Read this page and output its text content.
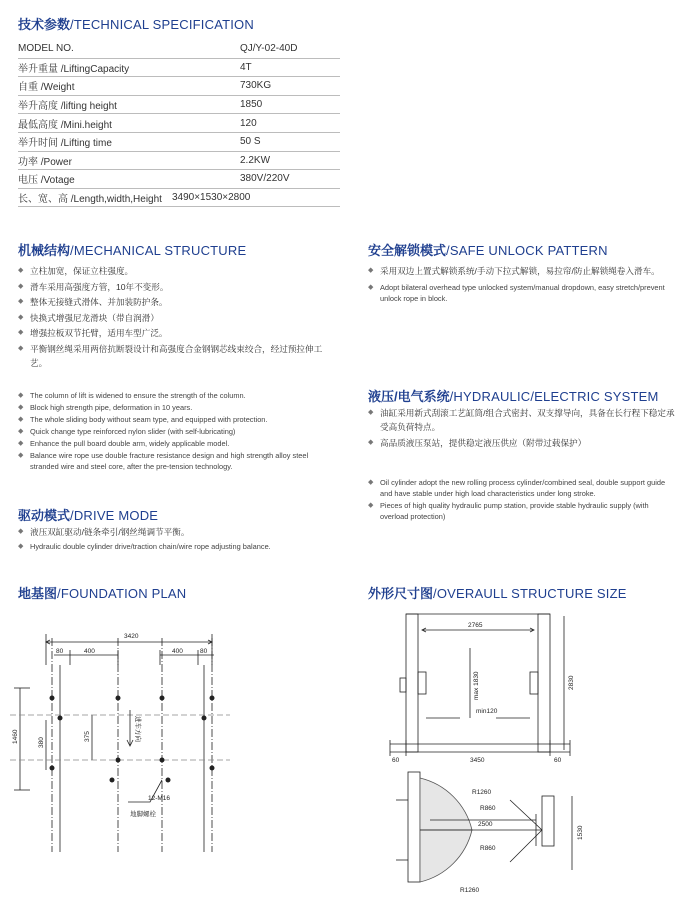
技术参数/TECHNICAL SPECIFICATION
MODEL NO.	QJ/Y-02-40D
举升重量 /LiftingCapacity	4T
自重 /Weight	730KG
举升高度 /lifting height	1850
最低高度 /Mini.height	120
举升时间 /Lifting time	50 S
功率 /Power	2.2KW
电压 /Votage	380V/220V
长、宽、高 /Length,width,Height 3490×1530×2800
机械结构/MECHANICAL STRUCTURE
◆ 立柱加宽，保证立柱强度。
◆ 滑车采用高强度方管，10年不变形。
◆ 整体无接缝式滑体、并加装防护条。
◆ 快换式增强尼龙滑块（带自润滑）
◆ 增强拉板双节托臂，适用车型广泛。
◆ 平衡钢丝绳采用两倍抗断裂设计和高强度合金钢钢芯线束绞合，经过预拉伸工艺。
◆ The column of lift is widened to ensure the strength of the column.
◆ Block high strength pipe, deformation in 10 years.
◆ The whole sliding body without seam type, and equipped with protection.
◆ Quick change type reinforced nylon slider (with self-lubricating)
◆ Enhance the pull board double arm, widely applicable model.
◆ Balance wire rope use double fracture resistance design and high strength alloy steel stranded wire and steel core, after the pre-tension technology.
安全解锁模式/SAFE UNLOCK PATTERN
◆ 采用双边上置式解锁系统/手动下拉式解锁，易拉帘/防止解锁绳卷入滑车。
◆ Adopt bilateral overhead type unlocked system/manual dropdown, easy stretch/prevent unlock rope in block.
液压/电气系统/HYDRAULIC/ELECTRIC SYSTEM
◆ 油缸采用新式刮滚工艺缸筒/组合式密封、双支撑导向，具备在长行程下稳定承受高负荷特点。
◆ 高品质液压泵站，提供稳定液压供应（附带过载保护）
◆ Oil cylinder adopt the new rolling process cylinder/combined seal, double support guide and have stable under high load characteristics under long stroke.
◆ Pieces of high quality hydraulic pump station, provide stable hydraulic supply (with overload protection)
驱动模式/DRIVE MODE
◆ 液压双缸驱动/链条牵引/钢丝绳调节平衡。
◆ Hydraulic double cylinder drive/traction chain/wire rope adjusting balance.
地基图/FOUNDATION PLAN
3420
80	400	400	80
1460	380
375	进车方向
12-M16
地脚螺栓
外形尺寸图/OVERAULL STRUCTURE SIZE
2765
2830
max 1830
min120
3450
60	60
R1260
R860
2500
R860
R1260
1530
